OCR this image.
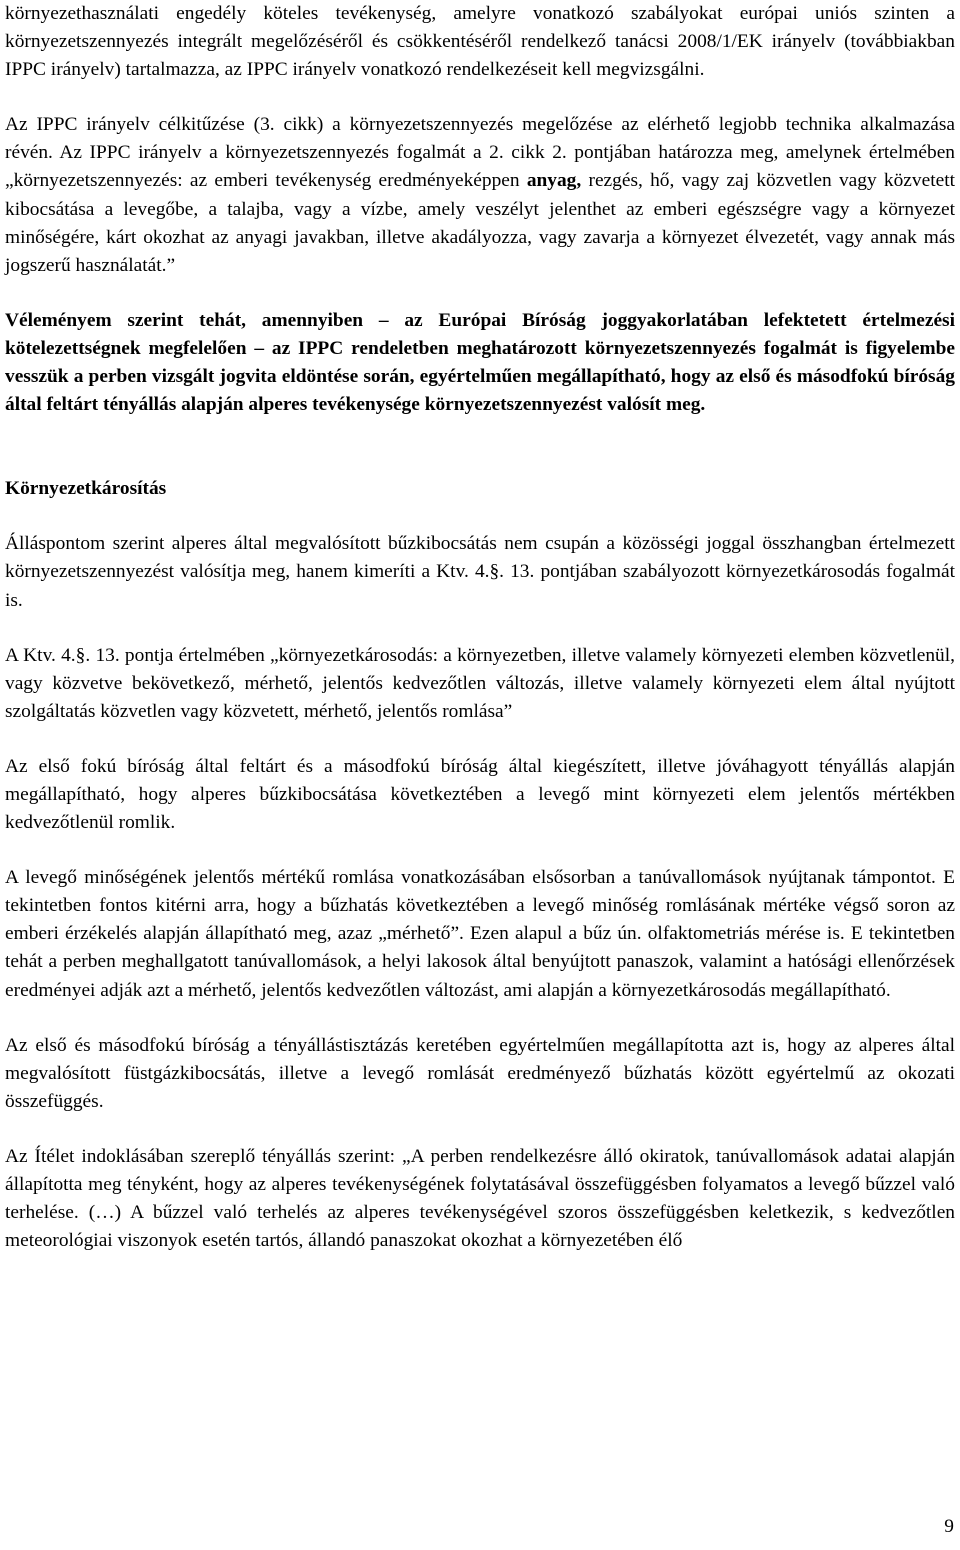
környezethasználati engedély köteles tevékenység, amelyre vonatkozó szabályokat európai uniós szinten a környezetszennyezés integrált megelőzéséről és csökkentéséről rendelkező tanácsi 2008/1/EK irányelv (továbbiakban IPPC irányelv) tartalmazza, az IPPC irányelv vonatkozó rendelkezéseit kell megvizsgálni.

Az IPPC irányelv célkitűzése (3. cikk) a környezetszennyezés megelőzése az elérhető legjobb technika alkalmazása révén. Az IPPC irányelv a környezetszennyezés fogalmát a 2. cikk 2. pontjában határozza meg, amelynek értelmében „környezetszennyezés: az emberi tevékenység eredményeképpen anyag, rezgés, hő, vagy zaj közvetlen vagy közvetett kibocsátása a levegőbe, a talajba, vagy a vízbe, amely veszélyt jelenthet az emberi egészségre vagy a környezet minőségére, kárt okozhat az anyagi javakban, illetve akadályozza, vagy zavarja a környezet élvezetét, vagy annak más jogszerű használatát.”

Véleményem szerint tehát, amennyiben – az Európai Bíróság joggyakorlatában lefektetett értelmezési kötelezettségnek megfelelően – az IPPC rendeletben meghatározott környezetszennyezés fogalmát is figyelembe vesszük a perben vizsgált jogvita eldöntése során, egyértelműen megállapítható, hogy az első és másodfokú bíróság által feltárt tényállás alapján alperes tevékenysége környezetszennyezést valósít meg.

Környezetkárosítás

Álláspontom szerint alperes által megvalósított bűzkibocsátás nem csupán a közösségi joggal összhangban értelmezett környezetszennyezést valósítja meg, hanem kimeríti a Ktv. 4.§. 13. pontjában szabályozott környezetkárosodás fogalmát is.

A Ktv. 4.§. 13. pontja értelmében „környezetkárosodás: a környezetben, illetve valamely környezeti elemben közvetlenül, vagy közvetve bekövetkező, mérhető, jelentős kedvezőtlen változás, illetve valamely környezeti elem által nyújtott szolgáltatás közvetlen vagy közvetett, mérhető, jelentős romlása”

Az első fokú bíróság által feltárt és a másodfokú bíróság által kiegészített, illetve jóváhagyott tényállás alapján megállapítható, hogy alperes bűzkibocsátása következtében a levegő mint környezeti elem jelentős mértékben kedvezőtlenül romlik.

A levegő minőségének jelentős mértékű romlása vonatkozásában elsősorban a tanúvallomások nyújtanak támpontot. E tekintetben fontos kitérni arra, hogy a bűzhatás következtében a levegő minőség romlásának mértéke végső soron az emberi érzékelés alapján állapítható meg, azaz „mérhető”. Ezen alapul a bűz ún. olfaktometriás mérése is. E tekintetben tehát a perben meghallgatott tanúvallomások, a helyi lakosok által benyújtott panaszok, valamint a hatósági ellenőrzések eredményei adják azt a mérhető, jelentős kedvezőtlen változást, ami alapján a környezetkárosodás megállapítható.

Az első és másodfokú bíróság a tényállástisztázás keretében egyértelműen megállapította azt is, hogy az alperes által megvalósított füstgázkibocsátás, illetve a levegő romlását eredményező bűzhatás között egyértelmű az okozati összefüggés.

Az Ítélet indoklásában szereplő tényállás szerint: „A perben rendelkezésre álló okiratok, tanúvallomások adatai alapján állapította meg tényként, hogy az alperes tevékenységének folytatásával összefüggésben folyamatos a levegő bűzzel való terhelése. (…) A bűzzel való terhelés az alperes tevékenységével szoros összefüggésben keletkezik, s kedvezőtlen meteorológiai viszonyok esetén tartós, állandó panaszokat okozhat a környezetében élő

9
